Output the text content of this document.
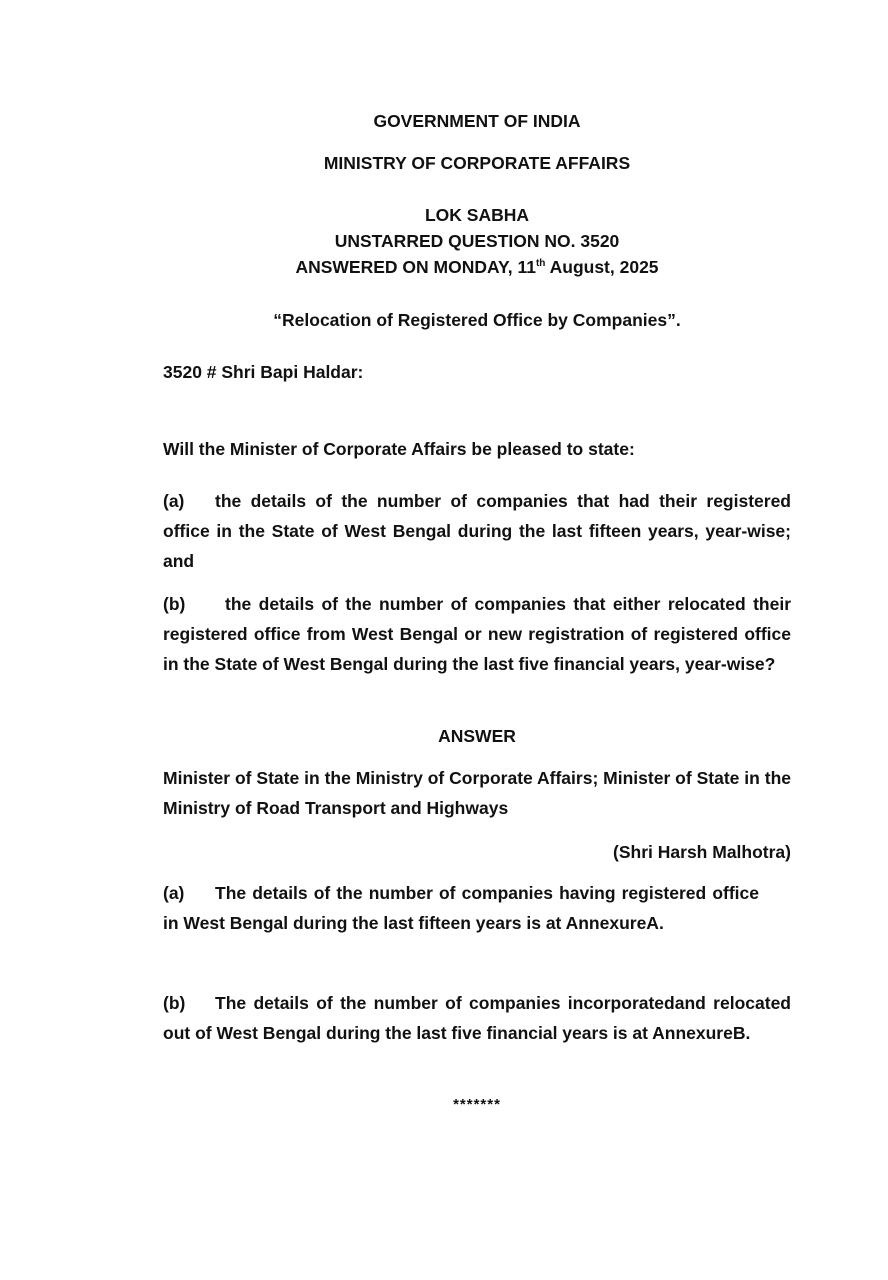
GOVERNMENT OF INDIA

MINISTRY OF CORPORATE AFFAIRS

LOK SABHA

UNSTARRED QUESTION NO. 3520

ANSWERED ON MONDAY, 11th August, 2025

“Relocation of Registered Office by Companies”.

3520 # Shri Bapi Haldar:

Will the Minister of Corporate Affairs be pleased to state:

(a) the details of the number of companies that had their registered office in the State of West Bengal during the last fifteen years, year-wise; and

(b) the details of the number of companies that either relocated their registered office from West Bengal or new registration of registered office in the State of West Bengal during the last five financial years, year-wise?

ANSWER

Minister of State in the Ministry of Corporate Affairs; Minister of State in the Ministry of Road Transport and Highways

(Shri Harsh Malhotra)

(a) The details of the number of companies having registered office in West Bengal during the last fifteen years is at AnnexureA.

(b) The details of the number of companies incorporatedand relocated out of West Bengal during the last five financial years is at AnnexureB.

*******
